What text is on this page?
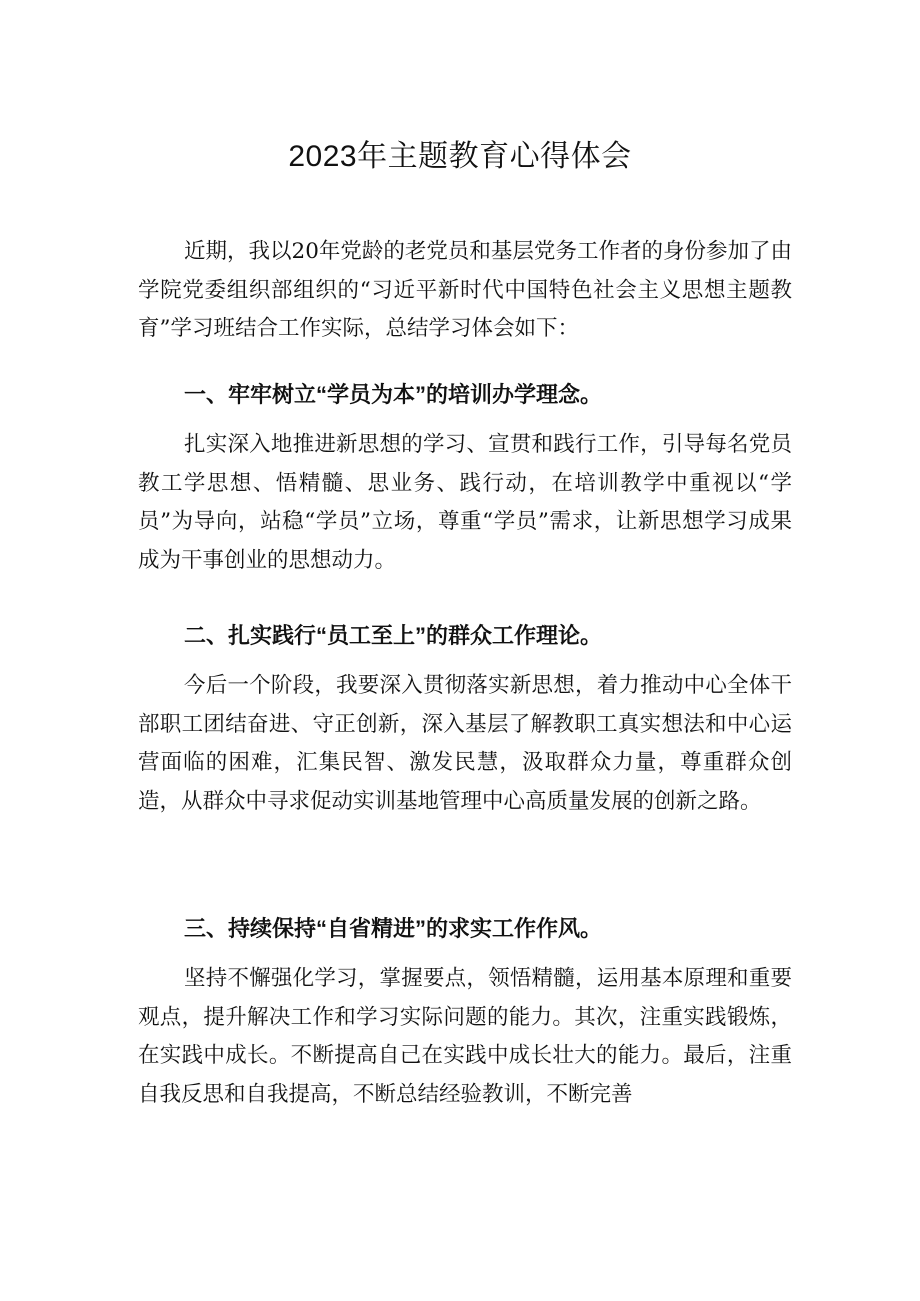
2023年主题教育心得体会

近期，我以20年党龄的老党员和基层党务工作者的身份参加了由学院党委组织部组织的“习近平新时代中国特色社会主义思想主题教育”学习班结合工作实际，总结学习体会如下：

一、牢牢树立“学员为本”的培训办学理念。

扎实深入地推进新思想的学习、宣贯和践行工作，引导每名党员教工学思想、悟精髓、思业务、践行动，在培训教学中重视以“学员”为导向，站稳“学员”立场，尊重“学员”需求，让新思想学习成果成为干事创业的思想动力。

二、扎实践行“员工至上”的群众工作理论。

今后一个阶段，我要深入贯彻落实新思想，着力推动中心全体干部职工团结奋进、守正创新，深入基层了解教职工真实想法和中心运营面临的困难，汇集民智、激发民慧，汲取群众力量，尊重群众创造，从群众中寻求促动实训基地管理中心高质量发展的创新之路。

三、持续保持“自省精进”的求实工作作风。

坚持不懈强化学习，掌握要点，领悟精髓，运用基本原理和重要观点，提升解决工作和学习实际问题的能力。其次，注重实践锻炼，在实践中成长。不断提高自己在实践中成长壮大的能力。最后，注重自我反思和自我提高，不断总结经验教训，不断完善
